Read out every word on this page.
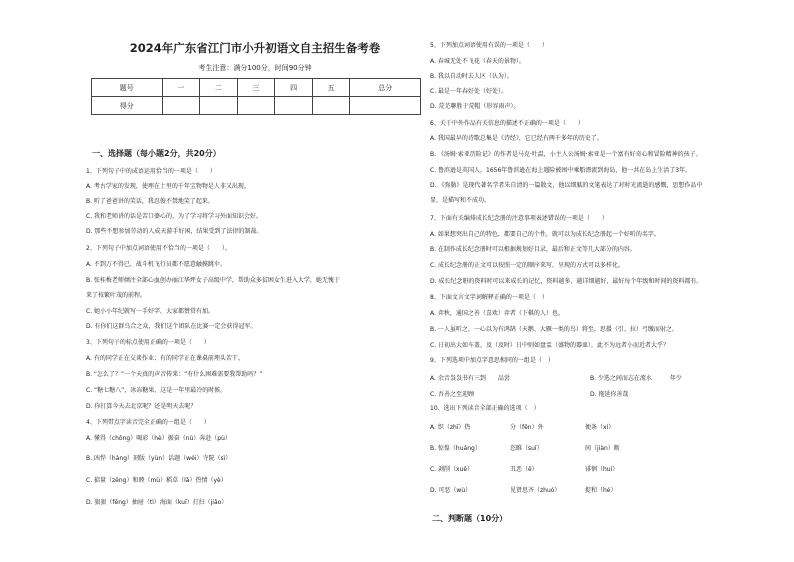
2024年广东省江门市小升初语文自主招生备考卷
考生注意：满分100分，时间90分钟
题号	一	二	三	四	五	总分
得分						
一、选择题（每小题2分，共20分）
1、下列句子中的成语运用恰当的一项是（　　）
A. 考古学家的发现，使埋在土里的千年宝物物是人非又出现。
B. 听了爸爸讲的笑话，我忍俊不禁地笑了起来。
C. 我和老师讲的话是苦口婆心的，为了学习将学习外面知识会好。
D. 那些不想参加劳动的人成天游手好闲，结果受到了法律的制裁。
2、下列句子中加点词语使用不恰当的一项是（　　）。
A. 不到万不得已，战斗机飞行员都不愿意触摸跳伞。
B. 张桂梅老师倾注全部心血创办丽江华坪女子高级中学，帮助众多贫困女生进入大学，她无愧于
来了枝繁叶茂的前程。
C. 她小小年纪就写一手好字，大家都赞赏有加。
D. 有你们这群乌合之众，我们这个团队在比赛一定会获得冠军。
3、下列句子的标点使用正确的一项是（　　）
A. 有的同学正在交谈作业；有的同学正在课桌前埋头苦干。
B. “怎么了？”一个天真的声音传来：“有什么困难需要我帮助吗？”
C. “糖七糖八”，冰冻糖果，这是一年里最冷的时候。
D. 你打算今天去北京呢？还是明天去呢？
4、下列带点字读音完全正确的一组是（　　）
A. 懂得（chǒng）喝彩（hè）振奋（nù）奔赴（pù）
B. 凶悍（hàng）刻版（yùn）话题（wéi）寺院（sì）
C. 掂量（zěng）和睦（mù）稻草（lǎ）热情（yè）
D. 狠狠（fěng）抽屉（tì）海面（kuī）打扫（jiǎo）
5、下列加点词语使用有误的一项是（　　）
A. 春城无处不飞花（春天的景物）。
B. 我以自动时去人区（认为）。
C. 最是一年春好处（好处）。
D. 荒芜聊胜于荒帽（形容雨声）。
6、关于中外作品有关信息的描述不正确的一项是（　　）
A. 我国最早的诗歌总集是《诗经》，它已经有两千多年的历史了。
B. 《汤姆·索亚历险记》的作者是马克·吐温，小主人公汤姆·索亚是一个富有好奇心和冒险精神的孩子。
C. 鲁滨逊是英国人，1656年鲁滨逊在海上遇险被困中乘船漂流到海岛，他一共在岛上生活了3年。
D. 《弥勒》是现代著名学者朱自清的一篇散文，他以细腻的文笔表达了对时光流逝的感慨，思想作品中
显，是描写和不成功。
7、下面有关编排成长纪念册的注意事项表述错误的一项是（　　）
A. 如果想突出自己的特色，都要自己的个性，就可以为成长纪念册起一个好听的名字。
B. 在制作成长纪念册时可以根据规划好目录，最后和正文等几大部分的内容。
C. 成长纪念册的正文可以按照一定的顺序来写，呈现的方式可以多样化。
D. 成长纪念册的资料时可以来成长的记忆，资料越多、越详细越好，最好每个年级和时间的资料都有。
8、下面文言文字词解释正确的一项是（　）
A. 弈秋，通国之善（喜欢）弈者（下棋的人）也。
B. 一人虽听之，一心以为有鸿鹄（天鹅、大雁一类的鸟）将至，思援（引、拉）弓缴而射之。
C. 日初出大如车盖，及（及时）日中则如盘盂（盛物的器皿），此不为远者小而近者大乎？
9、下列选项中加点字意思相同的一组是（　）
A. 余音袅袅书有三到　　品尝	B. 少选之间而志在流水　　　年少
C. 吾善之至迎顾	D. 拖延你善哉
10、选出下列读音全部正确的选项（　）
A. 织（zhī）热	分（fēn）外	便条（xí）
B. 惊惶（huáng）	恣睢（suī）	间（jiàn）断
C. 剥削（xuē）	丑恶（ě）	徘徊（huí）
D. 可恶（wù）	见贤思齐（zhuó）	捉和（hé）
二、判断题（10分）
